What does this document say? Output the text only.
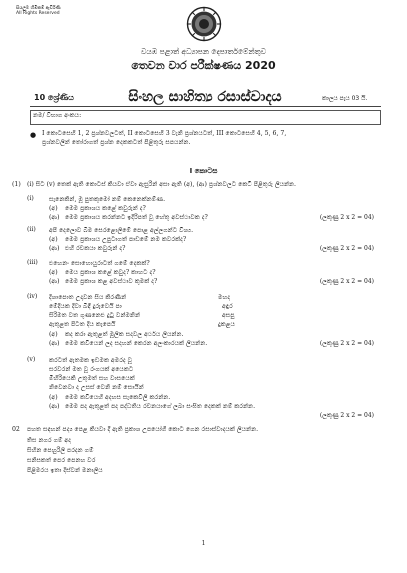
සියලුම හිමිකම් ඇවිරිණි
All Rights Reserved
වයඹ පළාත් අධ්‍යාපන දෙපාර්තමේන්තුව
තෙවන වාර පරීක්ෂණය 2020
10 ශ්‍රේණිය	සිංහල සාහිත්‍ය රසාස්වාදය	කාලය පැය 03 යි.
නම/ විභාග අංකය:
● I කොටසෙහි 1, 2 ප්‍රශ්නවලටත්, II කොටසෙහි 3 වැනි ප්‍රශ්නයටත්, III කොටසෙහි 4, 5, 6, 7,
ප්‍රශ්නවලින් තෝරාගත් ප්‍රශ්න දෙකකටත් පිළිතුරු සපයන්න.
I කොටස
(1) (i) සිට (v) තෙක් ඇති කොටස් කියවා ඒවා ඇසුරින් අසා ඇති (අ), (ආ) ප්‍රශ්නවලට කෙටි පිළිතුරු ලියන්න.
(i) සැනෙකින්, මූ පුතකුමෝ නම් කෙනෙක්නම්ණ.
(අ) මෙම ප්‍රකාශය කළේ කවුරුන් ද?
(ආ) මෙම ප්‍රකාශය කරන්නට ඉදිරිපත් වූ හේතු අවස්ථාවක ද?	(ලකුණු 2 x 2 = 04)
(ii) අපි දෙලොව බිම සෙරළොලිමේ පොළ අල්ලගන්ට විශ්‍ය.
(අ) මෙම ප්‍රකාශය උපුටාගත් පාඩමේ නම කවරක්ද?
(ආ) එහි රචකයා කවුරුන් ද?	(ලකුණු 2 x 2 = 04)
(iii) එහෙනං සොහොයුරාටත් ගමේ දෙකක්?
(අ) මෙය ප්‍රකාශ කළේ කවුද? කාහට ද?
(ආ) මෙම ප්‍රකාශ කළ අවස්ථාව කුමක් ද?	(ලකුණු 2 x 2 = 04)
(iv) දිශාපොත උදාවන සිය කිරණින්	මහද
මේදියක දිවා බිඳී දුරුවෙයි පා	අඳුර
සිරිමත වත ගුණනෙළු දුටු වන්මනින්	අසපු
ඇතුළත පිටත දිය කැපෙයි	දුකළය
(අ) කද කරා ඇතුළත් මූලික සදවල අර්ථය ලියන්න.
(ආ) මෙම කවියෙන් ලද සදහන් කෙරන අලංකාරයක් ලියන්න.	(ලකුණු 2 x 2 = 04)
(v) කරටත් ඇතමක ඉඩමක අමරද වූ
සරවරන් මත වූ රංගයක් අයෙකට
මිහිරියෙකි උතුමත් සහ වාසයෙක්
නිවෙනවා ද උසස් වෙනි නම් සොයින්
(අ) මෙම කවියෙහි අදහස සැකෙවීලි කරන්න.
(ආ) මෙම පද ඇතුළත් පද පද්ධතිය රචනයාගේ ලබා සංඝිත දෙකක් නම් කරන්න.
(ලකුණු 2 x 2 = 04)
02 පහත සඳහන් පද්‍ය පෙළ කියවා දී ඇති ප්‍රකාශ උපයෝගී කොට ගෙන රසාස්වාදයක් ලියන්න.
තිස නගර ගම් අද
සිහින පෙහුරිලි පරදන ගම්
සනිසකත් පෙර පෙනහ වර
පිළිමරය ඉතා දිස්වන් මනාලිය
1
